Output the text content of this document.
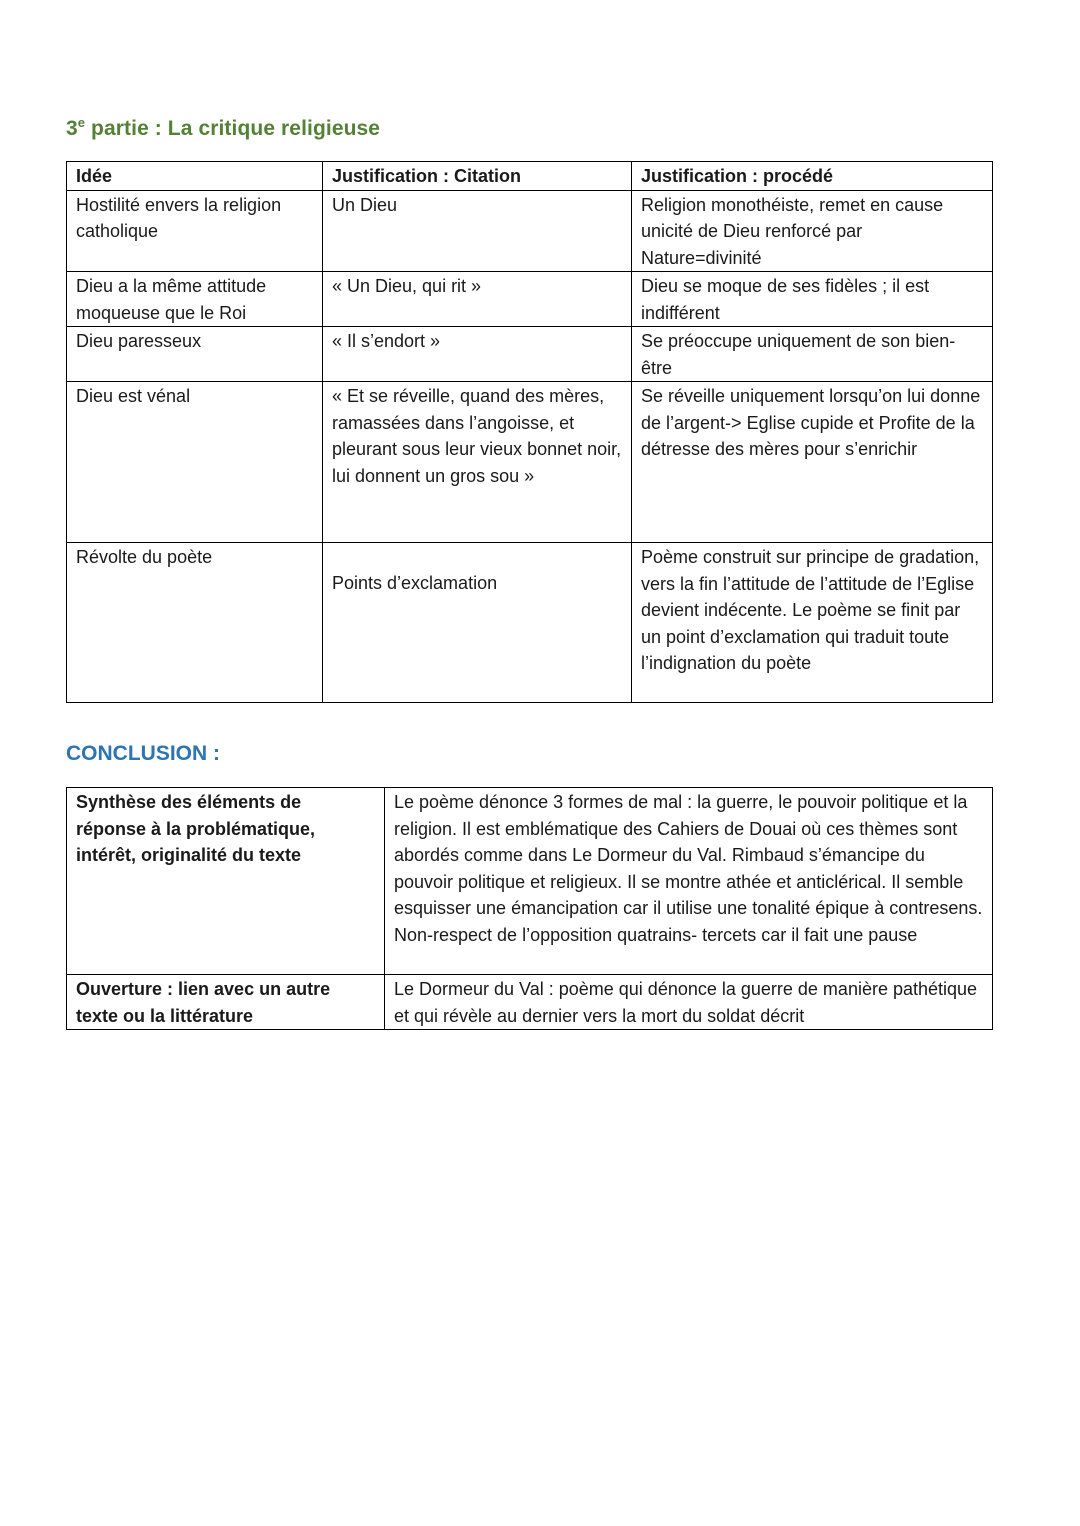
3e partie : La critique religieuse
Idée	Justification : Citation	Justification : procédé
Hostilité envers la religion catholique	Un Dieu	Religion monothéiste, remet en cause unicité de Dieu renforcé par Nature=divinité
Dieu a la même attitude moqueuse que le Roi	« Un Dieu, qui rit »	Dieu se moque de ses fidèles ; il est indifférent
Dieu paresseux	« Il s’endort »	Se préoccupe uniquement de son bien-être
Dieu est vénal	« Et se réveille, quand des mères, ramassées dans l’angoisse, et pleurant sous leur vieux bonnet noir, lui donnent un gros sou »	Se réveille uniquement lorsqu’on lui donne de l’argent-> Eglise cupide et Profite de la détresse des mères pour s’enrichir
Révolte du poète	Points d’exclamation	Poème construit sur principe de gradation, vers la fin l’attitude de l’attitude de l’Eglise devient indécente. Le poème se finit par un point d’exclamation qui traduit toute l’indignation du poète
CONCLUSION :
Synthèse des éléments de réponse à la problématique, intérêt, originalité du texte	Le poème dénonce 3 formes de mal : la guerre, le pouvoir politique et la religion. Il est emblématique des Cahiers de Douai où ces thèmes sont abordés comme dans Le Dormeur du Val. Rimbaud s’émancipe du pouvoir politique et religieux. Il se montre athée et anticlérical. Il semble esquisser une émancipation car il utilise une tonalité épique à contresens. Non-respect de l’opposition quatrains- tercets car il fait une pause
Ouverture : lien avec un autre texte ou la littérature	Le Dormeur du Val : poème qui dénonce la guerre de manière pathétique et qui révèle au dernier vers la mort du soldat décrit
